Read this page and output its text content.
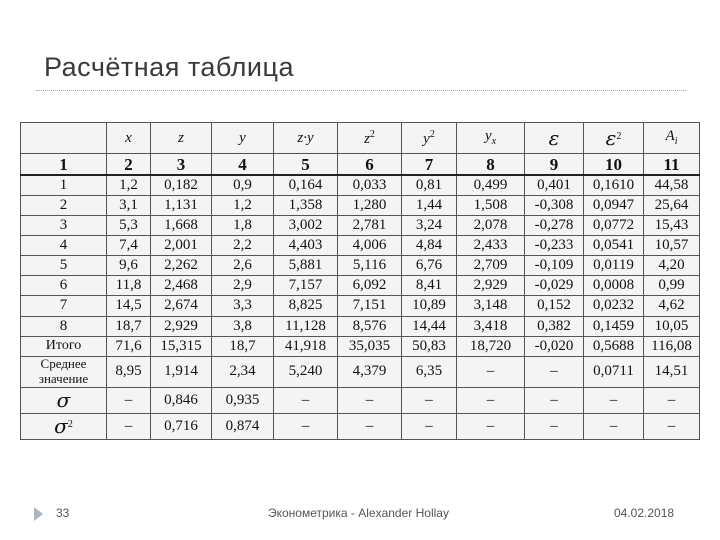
Расчётная таблица
	x	z	y	z·y	$z^2$	$y^2$	ˆ $y_x$	ε	$\varepsilon^2$	$A_i$
1	2	3	4	5	6	7	8	9	10	11
1	1,2	0,182	0,9	0,164	0,033	0,81	0,499	0,401	0,1610	44,58
2	3,1	1,131	1,2	1,358	1,280	1,44	1,508	-0,308	0,0947	25,64
3	5,3	1,668	1,8	3,002	2,781	3,24	2,078	-0,278	0,0772	15,43
4	7,4	2,001	2,2	4,403	4,006	4,84	2,433	-0,233	0,0541	10,57
5	9,6	2,262	2,6	5,881	5,116	6,76	2,709	-0,109	0,0119	4,20
6	11,8	2,468	2,9	7,157	6,092	8,41	2,929	-0,029	0,0008	0,99
7	14,5	2,674	3,3	8,825	7,151	10,89	3,148	0,152	0,0232	4,62
8	18,7	2,929	3,8	11,128	8,576	14,44	3,418	0,382	0,1459	10,05
Итого	71,6	15,315	18,7	41,918	35,035	50,83	18,720	-0,020	0,5688	116,08
Среднее значение	8,95	1,914	2,34	5,240	4,379	6,35	–	–	0,0711	14,51
σ	–	0,846	0,935	–	–	–	–	–	–	–
$\sigma^2$	–	0,716	0,874	–	–	–	–	–	–	–
33	Эконометрика - Alexander Hollay	04.02.2018
